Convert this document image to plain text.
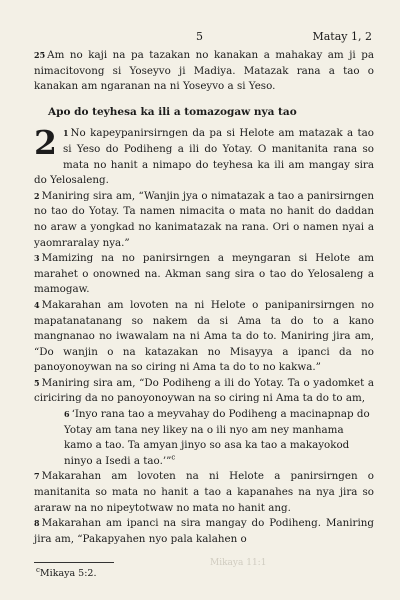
5	Matay 1, 2

25 Am no kaji na pa tazakan no kanakan a mahakay am ji pa nimacitovong si Yoseyvo ji Madiya. Matazak rana a tao o kanakan am ngaranan na ni Yoseyvo a si Yeso.

Apo do teyhesa ka ili a tomazogaw nya tao

2 1 No kapeypanirsirngen da pa si Helote am matazak a tao si Yeso do Podiheng a ili do Yotay. O manitanita rana so mata no hanit a nimapo do teyhesa ka ili am mangay sira do Yelosaleng.

2 Maniring sira am, “Wanjin jya o nimatazak a tao a panirsirngen no tao do Yotay. Ta namen nimacita o mata no hanit do daddan no araw a yongkad no kanimatazak na rana. Ori o namen nyai a yaomraralay nya.”

3 Mamizing na no panirsirngen a meyngaran si Helote am marahet o onowned na. Akman sang sira o tao do Yelosaleng a mamogaw.

4 Makarahan am lovoten na ni Helote o panipanirsirngen no mapatanatanang so nakem da si Ama ta do to a kano mangnanao no iwawalam na ni Ama ta do to. Maniring jira am, “Do wanjin o na katazakan no Misayya a ipanci da no panoyonoywan na so ciring ni Ama ta do to no kakwa.”

5 Maniring sira am, “Do Podiheng a ili do Yotay. Ta o yadomket a ciriciring da no panoyonoywan na so ciring ni Ama ta do to am,

6 ‘Inyo rana tao a meyvahay do Podiheng a macinapnap do Yotay am tana ney likey na o ili nyo am ney manhama kamo a tao. Ta amyan jinyo so asa ka tao a makayokod ninyo a Isedi a tao.’”$^c$

7 Makarahan am lovoten na ni Helote a panirsirngen o manitanita so mata no hanit a tao a kapanahes na nya jira so araraw na no nipeytotwaw no mata no hanit ang.

8 Makarahan am ipanci na sira mangay do Podiheng. Maniring jira am, “Pakapyahen nyo pala kalahen o

Mikaya 11:1
$^c$Mikaya 5:2.
